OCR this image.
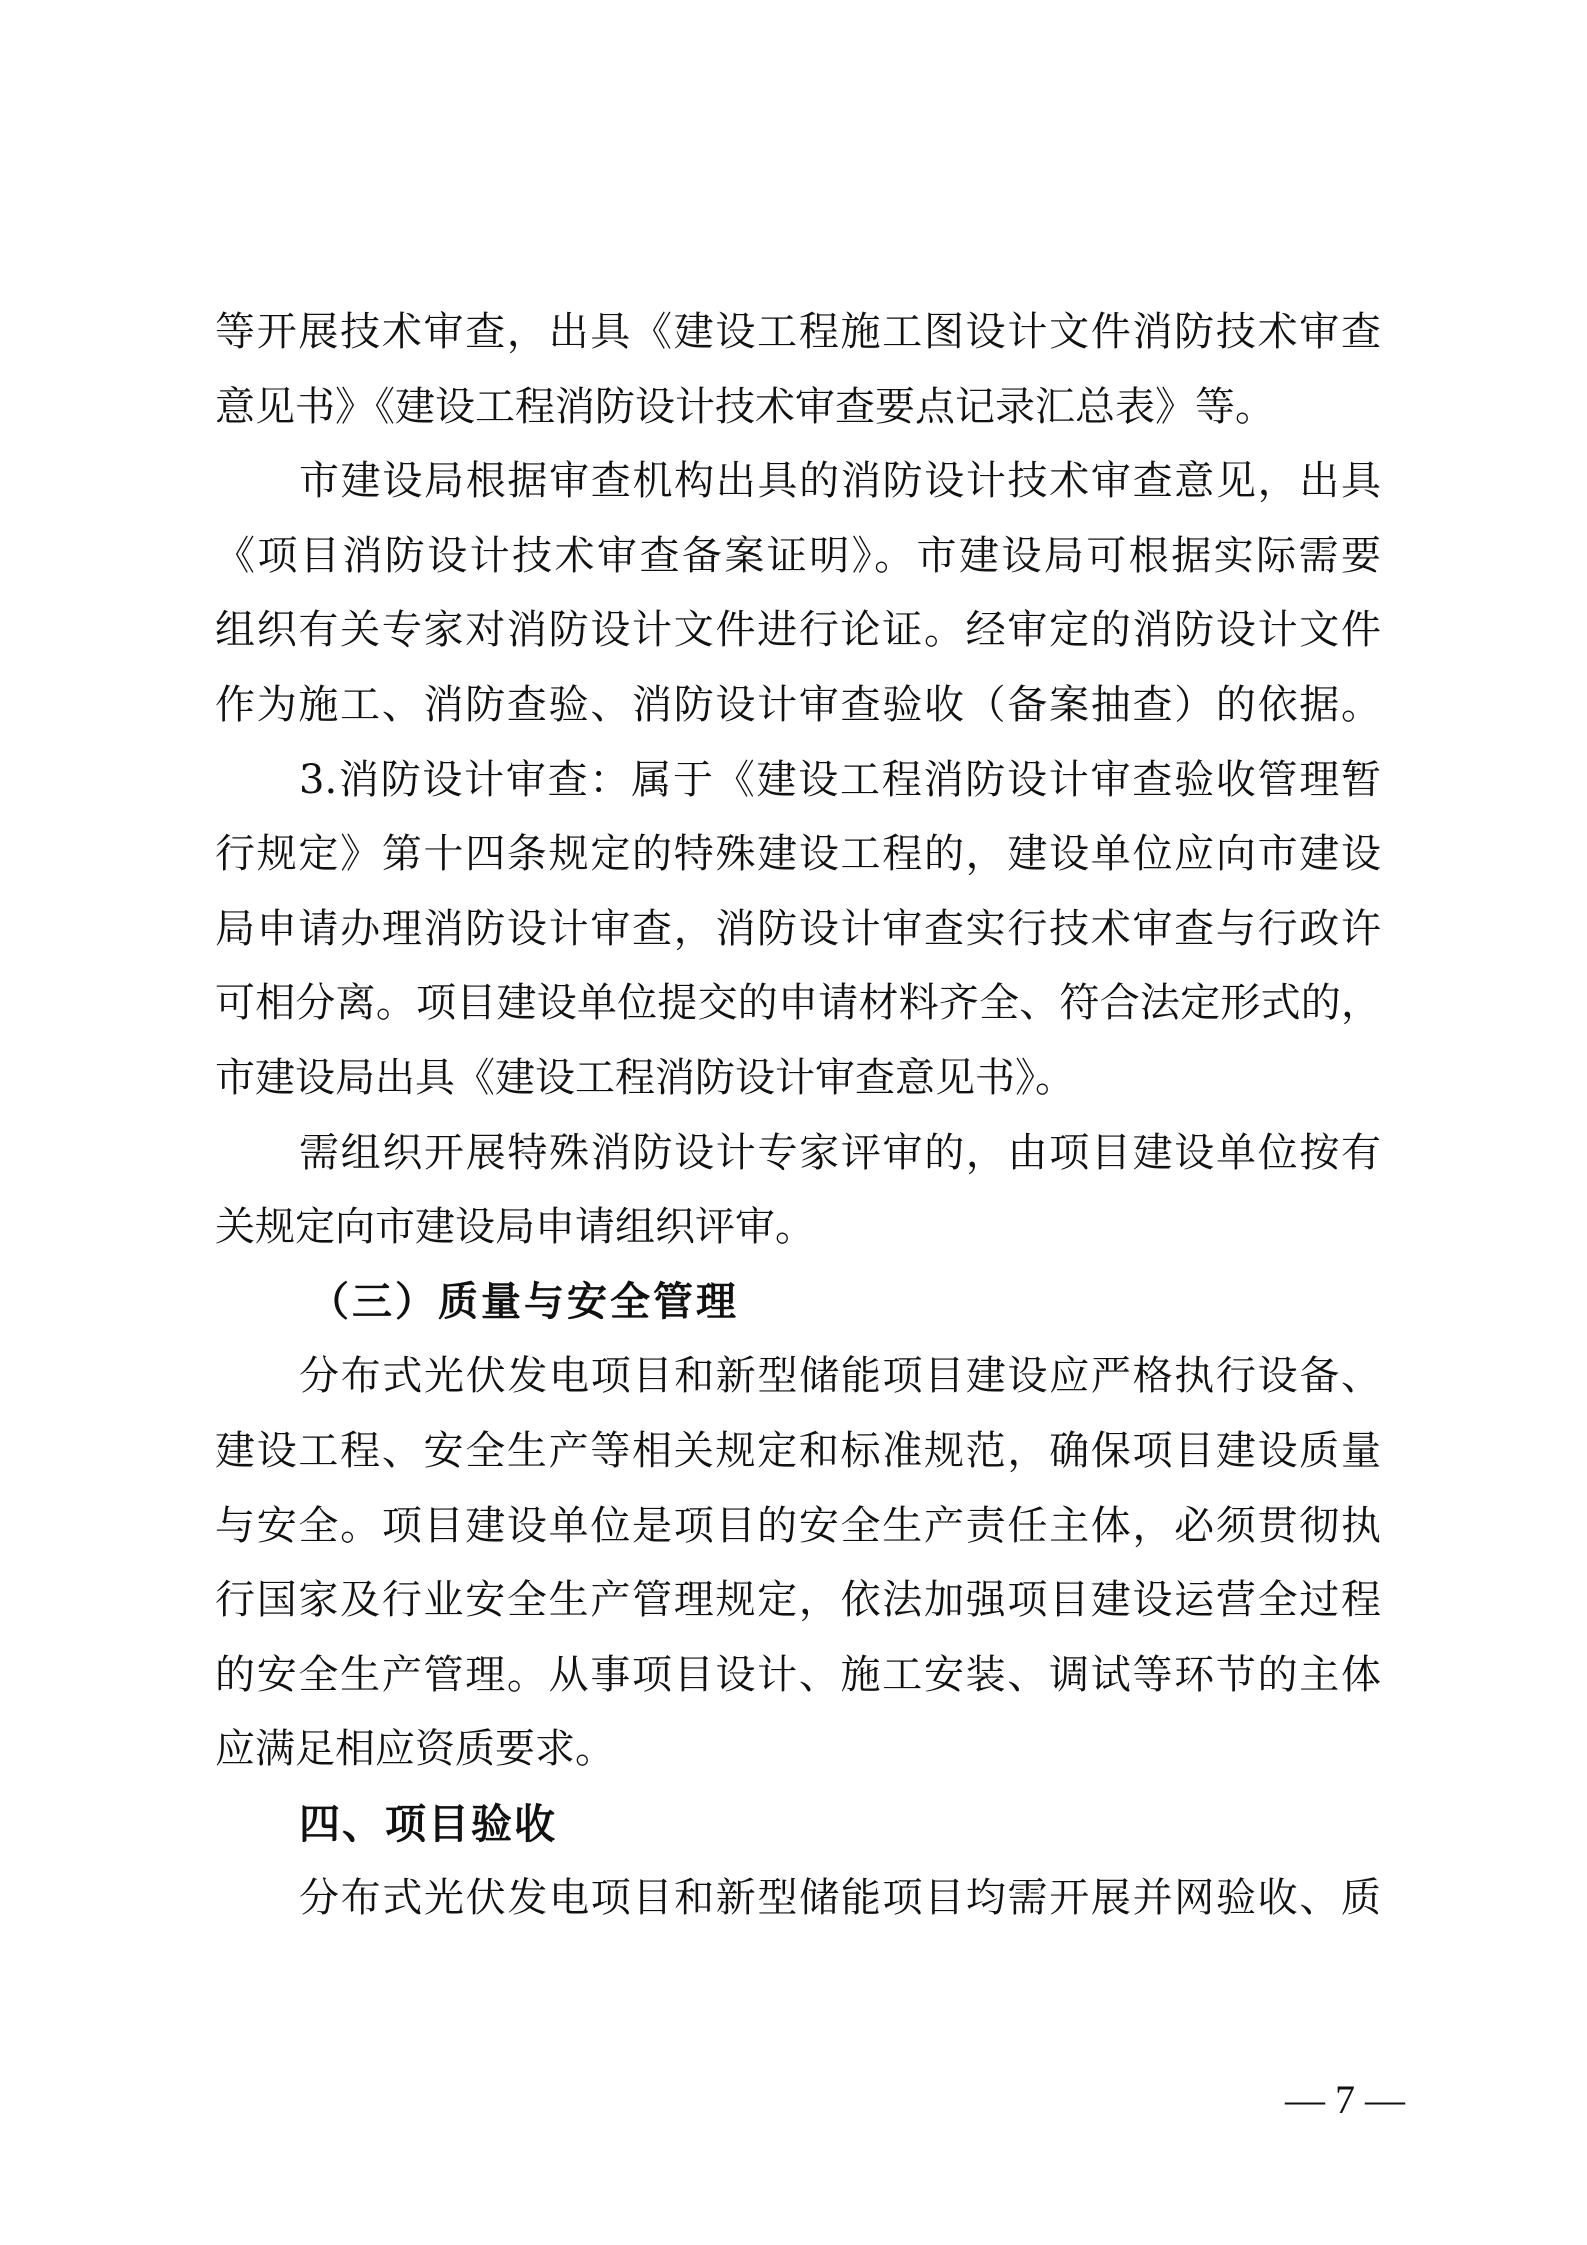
等开展技术审查，出具《建设工程施工图设计文件消防技术审查
意见书》《建设工程消防设计技术审查要点记录汇总表》等。
市建设局根据审查机构出具的消防设计技术审查意见，出具
《项目消防设计技术审查备案证明》。市建设局可根据实际需要
组织有关专家对消防设计文件进行论证。经审定的消防设计文件
作为施工、消防查验、消防设计审查验收（备案抽查）的依据。
3.消防设计审查：属于《建设工程消防设计审查验收管理暂
行规定》第十四条规定的特殊建设工程的，建设单位应向市建设
局申请办理消防设计审查，消防设计审查实行技术审查与行政许
可相分离。项目建设单位提交的申请材料齐全、符合法定形式的，
市建设局出具《建设工程消防设计审查意见书》。
需组织开展特殊消防设计专家评审的，由项目建设单位按有
关规定向市建设局申请组织评审。
（三）质量与安全管理
分布式光伏发电项目和新型储能项目建设应严格执行设备、
建设工程、安全生产等相关规定和标准规范，确保项目建设质量
与安全。项目建设单位是项目的安全生产责任主体，必须贯彻执
行国家及行业安全生产管理规定，依法加强项目建设运营全过程
的安全生产管理。从事项目设计、施工安装、调试等环节的主体
应满足相应资质要求。
四、项目验收
分布式光伏发电项目和新型储能项目均需开展并网验收、质
— 7 —
